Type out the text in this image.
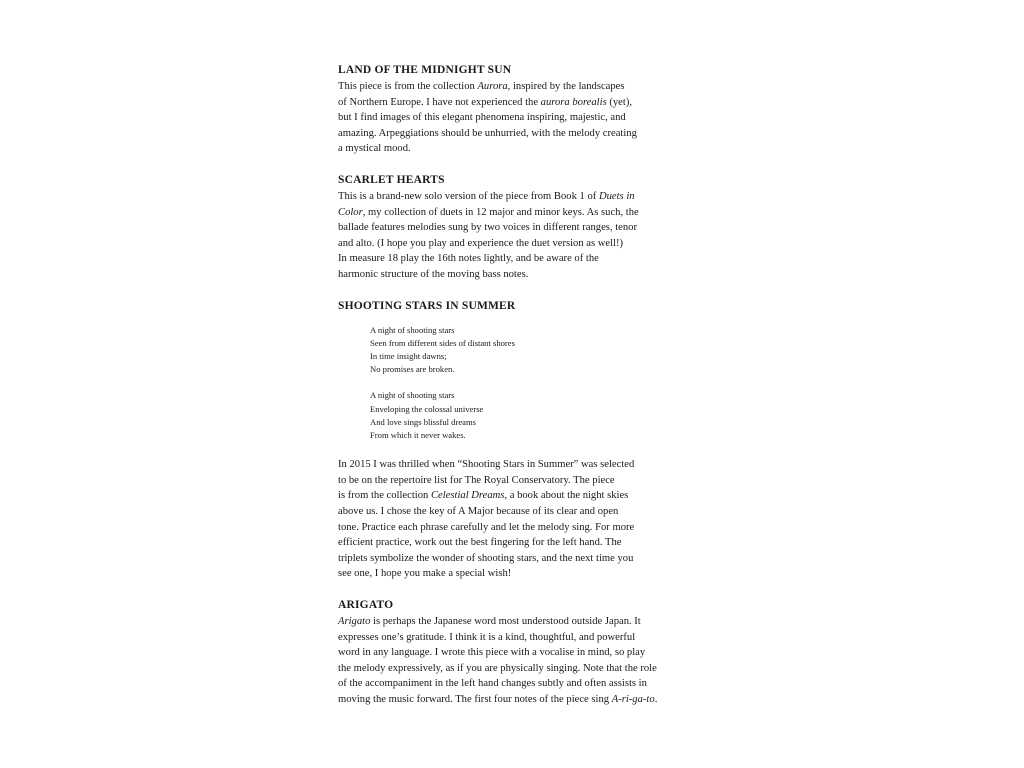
LAND OF THE MIDNIGHT SUN
This piece is from the collection Aurora, inspired by the landscapes
of Northern Europe. I have not experienced the aurora borealis (yet),
but I find images of this elegant phenomena inspiring, majestic, and
amazing. Arpeggiations should be unhurried, with the melody creating
a mystical mood.
SCARLET HEARTS
This is a brand-new solo version of the piece from Book 1 of Duets in
Color, my collection of duets in 12 major and minor keys. As such, the
ballade features melodies sung by two voices in different ranges, tenor
and alto. (I hope you play and experience the duet version as well!)
In measure 18 play the 16th notes lightly, and be aware of the
harmonic structure of the moving bass notes.
SHOOTING STARS IN SUMMER
A night of shooting stars
Seen from different sides of distant shores
In time insight dawns;
No promises are broken.
A night of shooting stars
Enveloping the colossal universe
And love sings blissful dreams
From which it never wakes.
In 2015 I was thrilled when “Shooting Stars in Summer” was selected
to be on the repertoire list for The Royal Conservatory. The piece
is from the collection Celestial Dreams, a book about the night skies
above us. I chose the key of A Major because of its clear and open
tone. Practice each phrase carefully and let the melody sing. For more
efficient practice, work out the best fingering for the left hand. The
triplets symbolize the wonder of shooting stars, and the next time you
see one, I hope you make a special wish!
ARIGATO
Arigato is perhaps the Japanese word most understood outside Japan. It
expresses one’s gratitude. I think it is a kind, thoughtful, and powerful
word in any language. I wrote this piece with a vocalise in mind, so play
the melody expressively, as if you are physically singing. Note that the role
of the accompaniment in the left hand changes subtly and often assists in
moving the music forward. The first four notes of the piece sing A-ri-ga-to.
